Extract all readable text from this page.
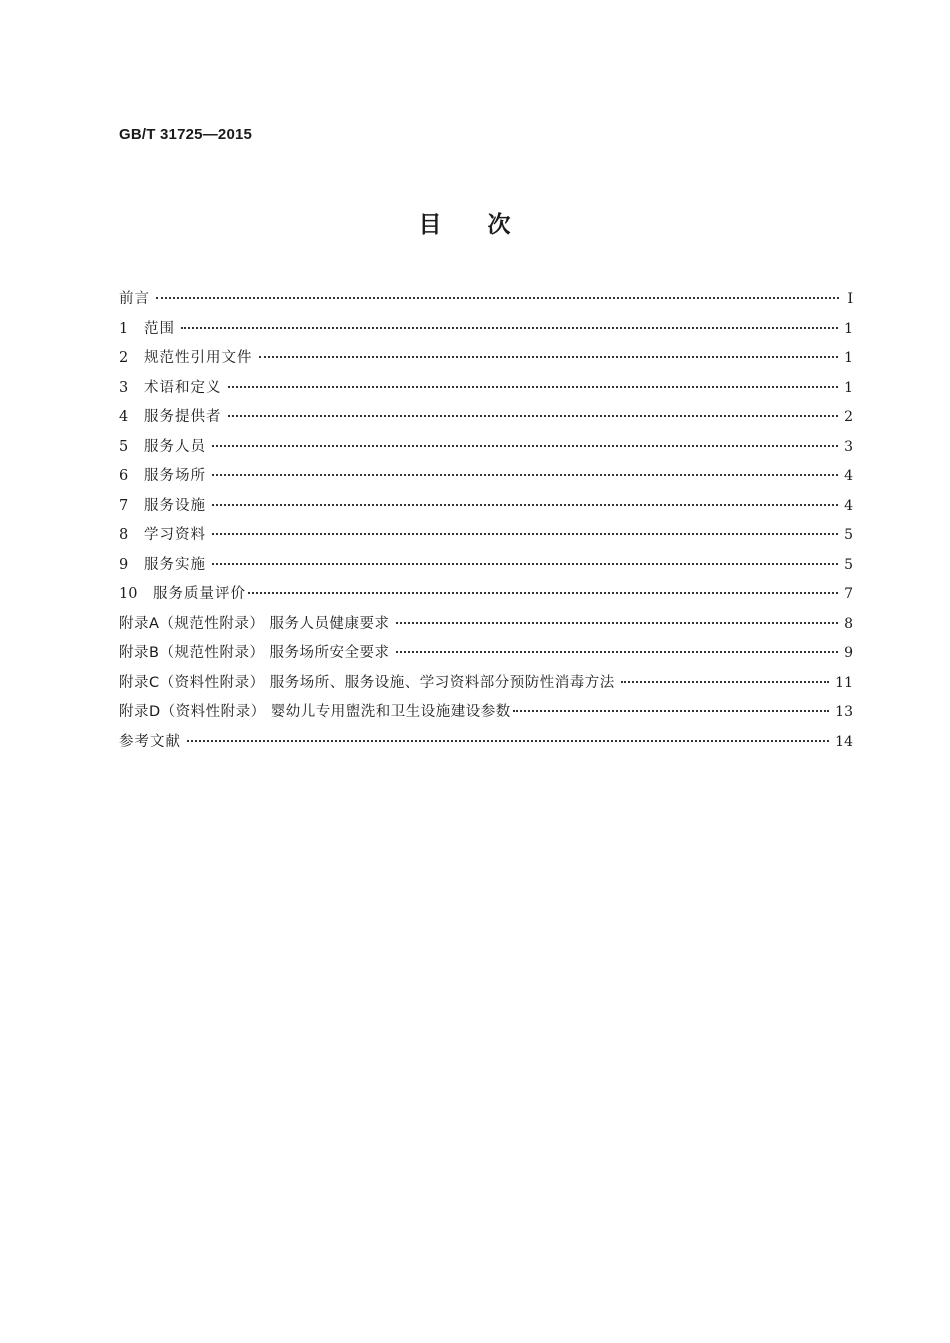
GB/T 31725—2015
目次
前言	Ⅰ
1	范围	1
2	规范性引用文件	1
3	术语和定义	1
4	服务提供者	2
5	服务人员	3
6	服务场所	4
7	服务设施	4
8	学习资料	5
9	服务实施	5
10	服务质量评价	7
附录A（规范性附录） 服务人员健康要求	8
附录B（规范性附录） 服务场所安全要求	9
附录C（资料性附录） 服务场所、服务设施、学习资料部分预防性消毒方法	11
附录D（资料性附录） 婴幼儿专用盥洗和卫生设施建设参数	13
参考文献	14
